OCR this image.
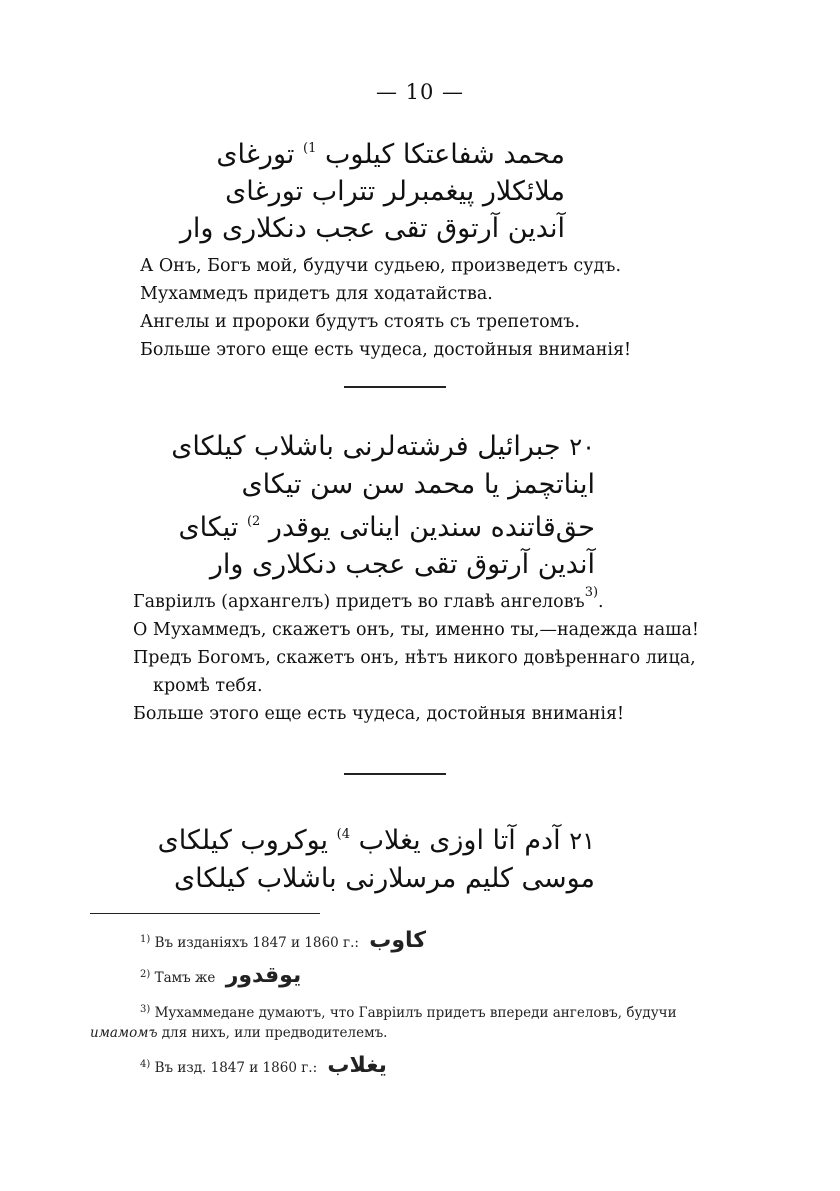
— 10 —
محمد شفاعتکا کیلوب $^{1)}$ تورغای
ملائکلار پیغمبرلر تتراب تورغای
آندین آرتوق تقی عجب دنکلاری وار
А Онъ, Богъ мой, будучи судьею, произведетъ судъ.
Мухаммедъ придетъ для ходатайства.
Ангелы и пророки будутъ стоять съ трепетомъ.
Больше этого еще есть чудеса, достойныя вниманія!
۲۰ جبرائیل فرشته‌لرنی باشلاب کیلکای
ایناتچمز یا محمد سن سن تیکای
حق‌قاتنده سندین ایناتی یوقدر $^{2)}$ تیکای
آندین آرتوق تقی عجب دنکلاری وار
Гавріилъ (архангелъ) придетъ во главѣ ангеловъ$^{3)}$.
О Мухаммедъ, скажетъ онъ, ты, именно ты,—надежда наша!
Предъ Богомъ, скажетъ онъ, нѣтъ никого довѣреннаго лица, кромѣ тебя.
Больше этого еще есть чудеса, достойныя вниманія!
۲۱ آدم آتا اوزی یغلاب $^{4)}$ یوکروب کیلکای
موسی کلیم مرسلارنی باشلاب کیلکای
$^{1)}$ Въ изданіяхъ 1847 и 1860 г.: کاوب
$^{2)}$ Тамъ же یوقدور
$^{3)}$ Мухаммедане думаютъ, что Гавріилъ придетъ впереди ангеловъ, будучи имамомъ для нихъ, или предводителемъ.
$^{4)}$ Въ изд. 1847 и 1860 г.: یغلاب
